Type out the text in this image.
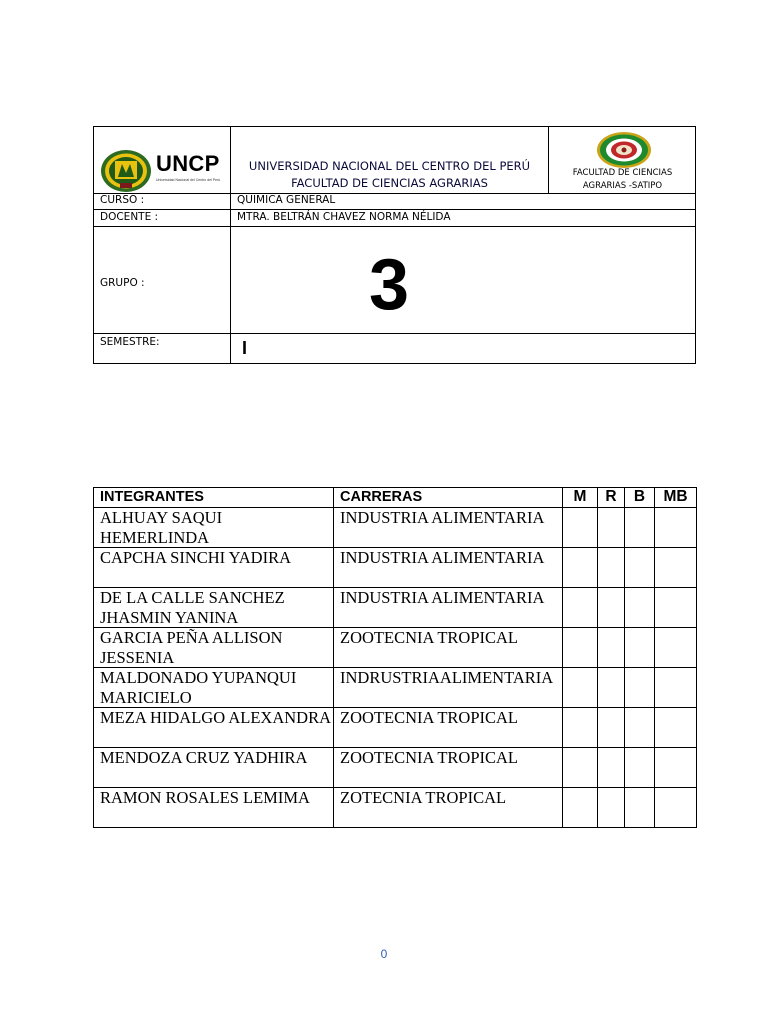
UNCP
Universidad Nacional del Centro del Perú
UNIVERSIDAD NACIONAL DEL CENTRO DEL PERÚ
FACULTAD DE CIENCIAS AGRARIAS
FACULTAD DE CIENCIAS
AGRARIAS -SATIPO
CURSO :	QUIMICA GENERAL
DOCENTE :	MTRA. BELTRÁN CHAVEZ NORMA NÉLIDA
GRUPO :	3
SEMESTRE:	I
INTEGRANTES	CARRERAS	M	R	B	MB
ALHUAY SAQUI HEMERLINDA	INDUSTRIA ALIMENTARIA				
CAPCHA SINCHI YADIRA	INDUSTRIA ALIMENTARIA				
DE LA CALLE SANCHEZ JHASMIN YANINA	INDUSTRIA ALIMENTARIA				
GARCIA PEÑA ALLISON JESSENIA	ZOOTECNIA TROPICAL				
MALDONADO YUPANQUI MARICIELO	INDRUSTRIAALIMENTARIA				
MEZA HIDALGO ALEXANDRA	ZOOTECNIA TROPICAL				
MENDOZA CRUZ YADHIRA	ZOOTECNIA TROPICAL				
RAMON ROSALES LEMIMA	ZOTECNIA TROPICAL				
0
